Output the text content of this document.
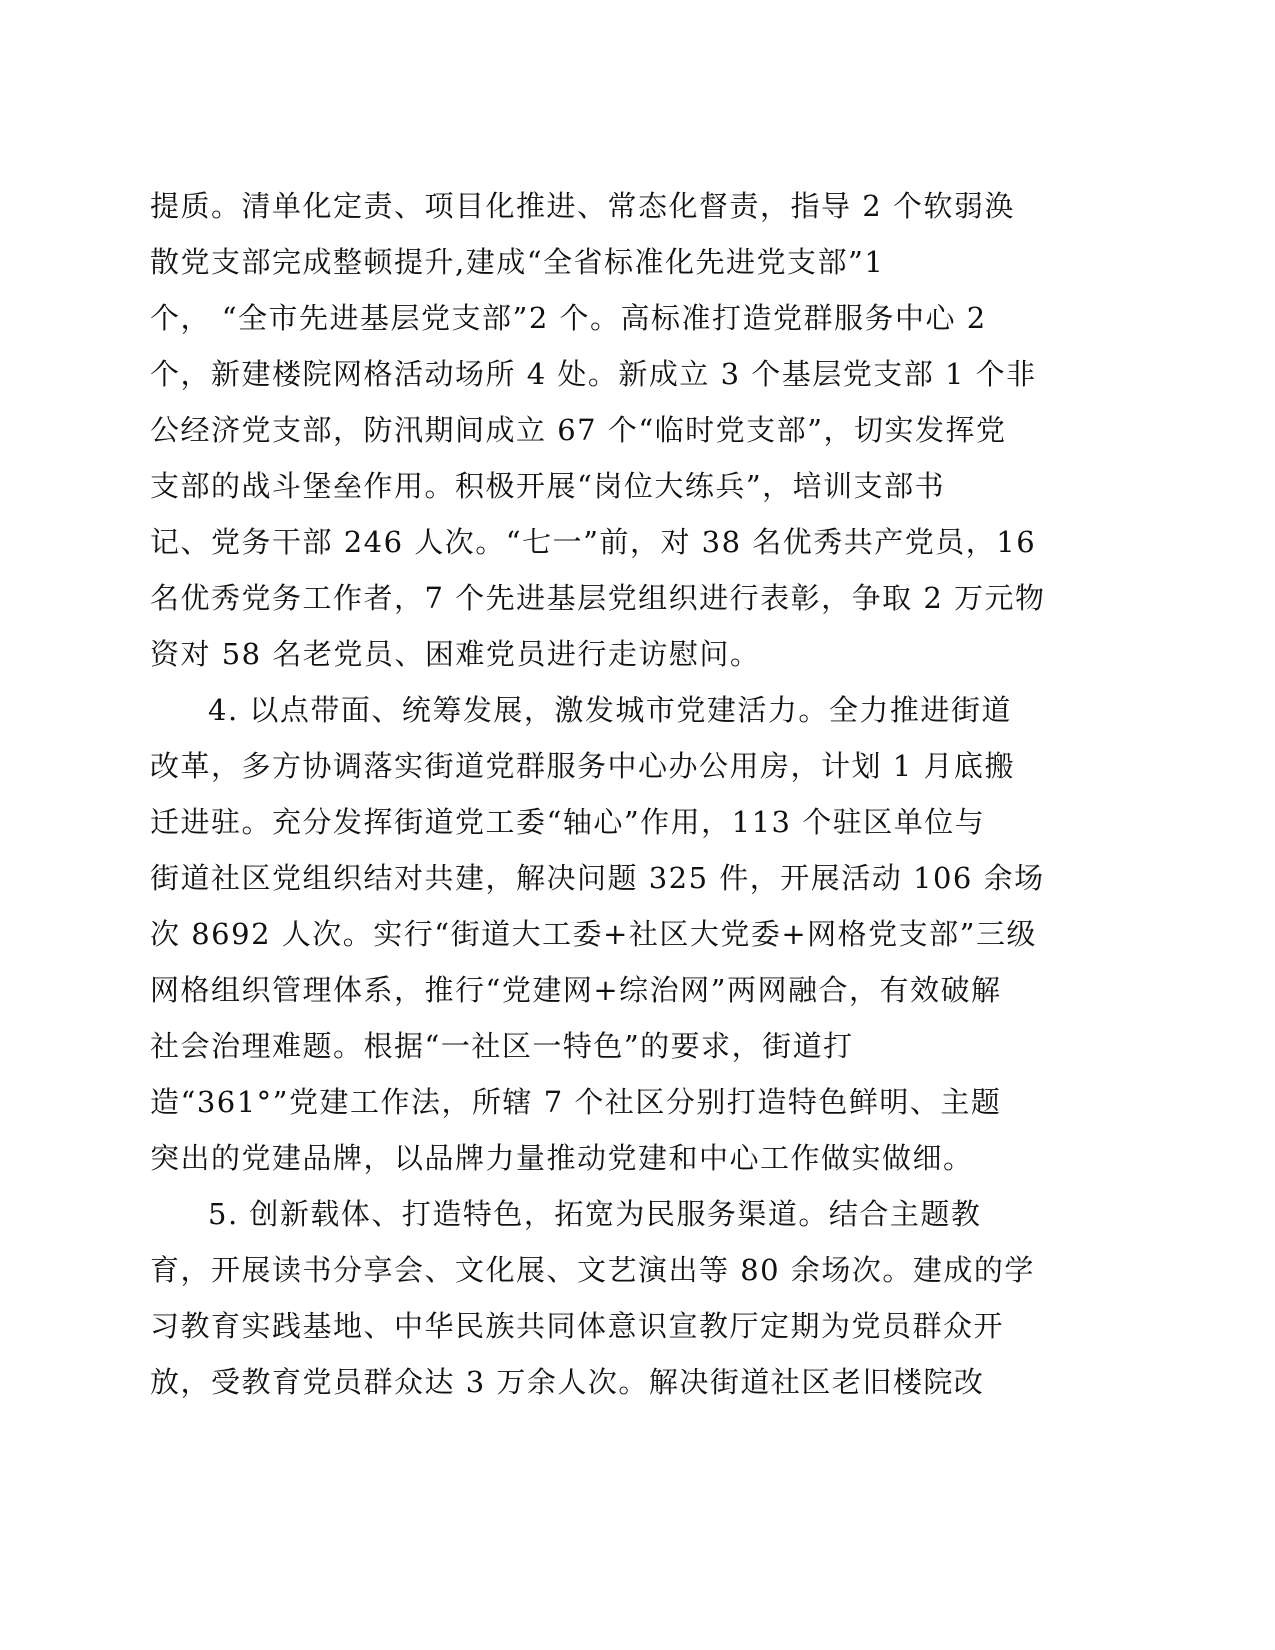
提质。清单化定责、项目化推进、常态化督责，指导 2 个软弱涣
散党支部完成整顿提升,建成“全省标准化先进党支部”1
个， “全市先进基层党支部”2 个。高标准打造党群服务中心 2
个，新建楼院网格活动场所 4 处。新成立 3 个基层党支部 1 个非
公经济党支部，防汛期间成立 67 个“临时党支部”，切实发挥党
支部的战斗堡垒作用。积极开展“岗位大练兵”，培训支部书
记、党务干部 246 人次。“七一”前，对 38 名优秀共产党员，16
名优秀党务工作者，7 个先进基层党组织进行表彰，争取 2 万元物
资对 58 名老党员、困难党员进行走访慰问。
4. 以点带面、统筹发展，激发城市党建活力。全力推进街道
改革，多方协调落实街道党群服务中心办公用房，计划 1 月底搬
迁进驻。充分发挥街道党工委“轴心”作用，113 个驻区单位与
街道社区党组织结对共建，解决问题 325 件，开展活动 106 余场
次 8692 人次。实行“街道大工委+社区大党委+网格党支部”三级
网格组织管理体系，推行“党建网+综治网”两网融合，有效破解
社会治理难题。根据“一社区一特色”的要求，街道打
造“361°”党建工作法，所辖 7 个社区分别打造特色鲜明、主题
突出的党建品牌，以品牌力量推动党建和中心工作做实做细。
5. 创新载体、打造特色，拓宽为民服务渠道。结合主题教
育，开展读书分享会、文化展、文艺演出等 80 余场次。建成的学
习教育实践基地、中华民族共同体意识宣教厅定期为党员群众开
放，受教育党员群众达 3 万余人次。解决街道社区老旧楼院改
